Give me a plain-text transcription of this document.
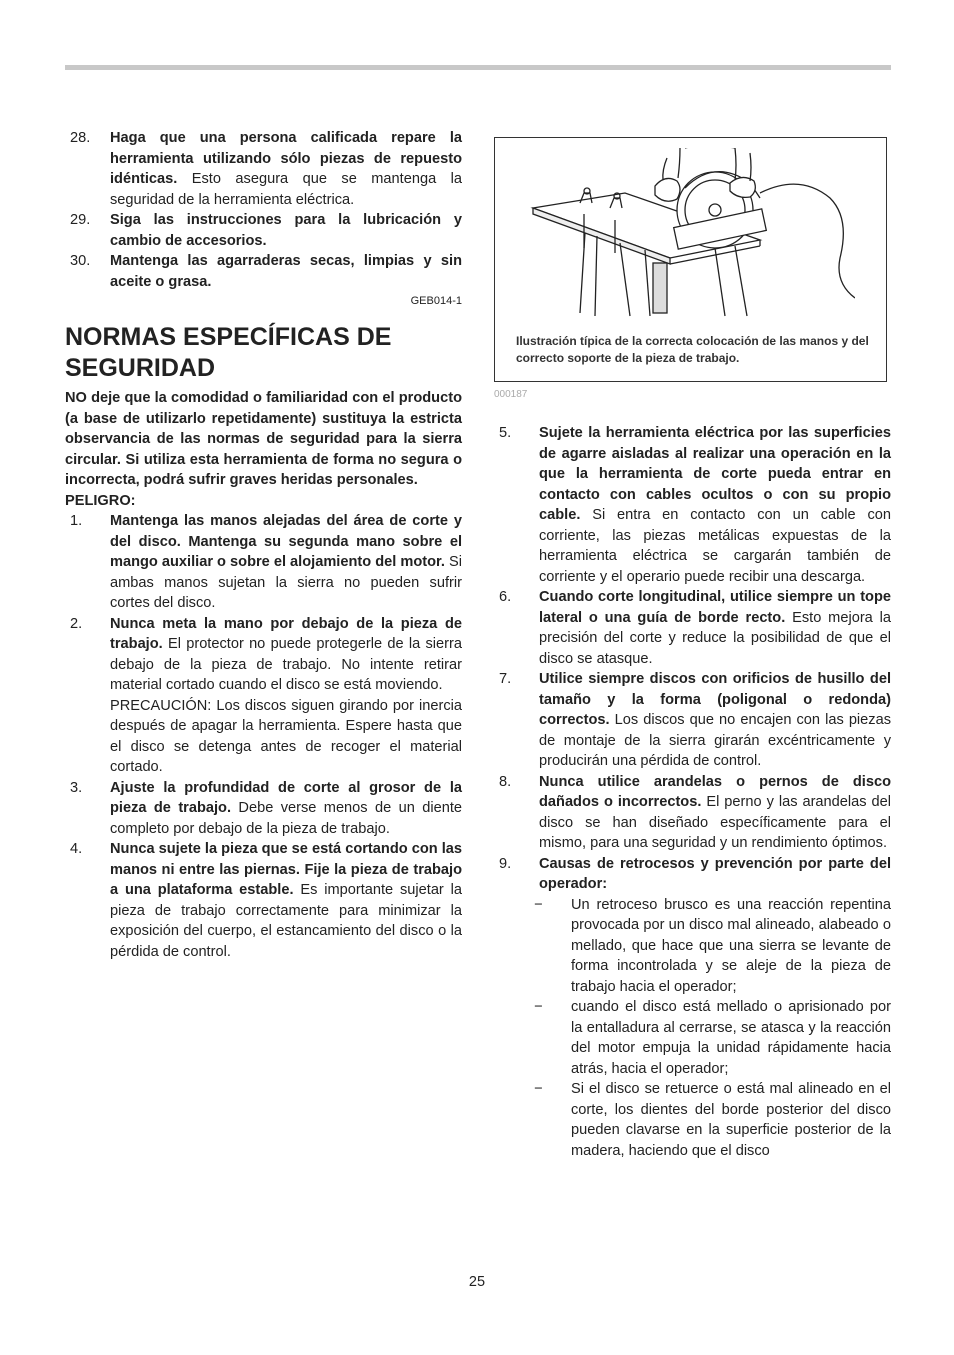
28. Haga que una persona calificada repare la herramienta utilizando sólo piezas de repuesto idénticas. Esto asegura que se mantenga la seguridad de la herramienta eléctrica.
29. Siga las instrucciones para la lubricación y cambio de accesorios.
30. Mantenga las agarraderas secas, limpias y sin aceite o grasa.
GEB014-1
NORMAS ESPECÍFICAS DE SEGURIDAD
NO deje que la comodidad o familiaridad con el producto (a base de utilizarlo repetidamente) sustituya la estricta observancia de las normas de seguridad para la sierra circular. Si utiliza esta herramienta de forma no segura o incorrecta, podrá sufrir graves heridas personales.
PELIGRO:
1. Mantenga las manos alejadas del área de corte y del disco. Mantenga su segunda mano sobre el mango auxiliar o sobre el alojamiento del motor. Si ambas manos sujetan la sierra no pueden sufrir cortes del disco.
2. Nunca meta la mano por debajo de la pieza de trabajo. El protector no puede protegerle de la sierra debajo de la pieza de trabajo. No intente retirar material cortado cuando el disco se está moviendo.
PRECAUCIÓN: Los discos siguen girando por inercia después de apagar la herramienta. Espere hasta que el disco se detenga antes de recoger el material cortado.
3. Ajuste la profundidad de corte al grosor de la pieza de trabajo. Debe verse menos de un diente completo por debajo de la pieza de trabajo.
4. Nunca sujete la pieza que se está cortando con las manos ni entre las piernas. Fije la pieza de trabajo a una plataforma estable. Es importante sujetar la pieza de trabajo correctamente para minimizar la exposición del cuerpo, el estancamiento del disco o la pérdida de control.
Ilustración típica de la correcta colocación de las manos y del correcto soporte de la pieza de trabajo.
000187
5. Sujete la herramienta eléctrica por las superficies de agarre aisladas al realizar una operación en la que la herramienta de corte pueda entrar en contacto con cables ocultos o con su propio cable. Si entra en contacto con un cable con corriente, las piezas metálicas expuestas de la herramienta eléctrica se cargarán también de corriente y el operario puede recibir una descarga.
6. Cuando corte longitudinal, utilice siempre un tope lateral o una guía de borde recto. Esto mejora la precisión del corte y reduce la posibilidad de que el disco se atasque.
7. Utilice siempre discos con orificios de husillo del tamaño y la forma (poligonal o redonda) correctos. Los discos que no encajen con las piezas de montaje de la sierra girarán excéntricamente y producirán una pérdida de control.
8. Nunca utilice arandelas o pernos de disco dañados o incorrectos. El perno y las arandelas del disco se han diseñado específicamente para el mismo, para una seguridad y un rendimiento óptimos.
9. Causas de retrocesos y prevención por parte del operador:
− Un retroceso brusco es una reacción repentina provocada por un disco mal alineado, alabeado o mellado, que hace que una sierra se levante de forma incontrolada y se aleje de la pieza de trabajo hacia el operador;
− cuando el disco está mellado o aprisionado por la entalladura al cerrarse, se atasca y la reacción del motor empuja la unidad rápidamente hacia atrás, hacia el operador;
− Si el disco se retuerce o está mal alineado en el corte, los dientes del borde posterior del disco pueden clavarse en la superficie posterior de la madera, haciendo que el disco
25
